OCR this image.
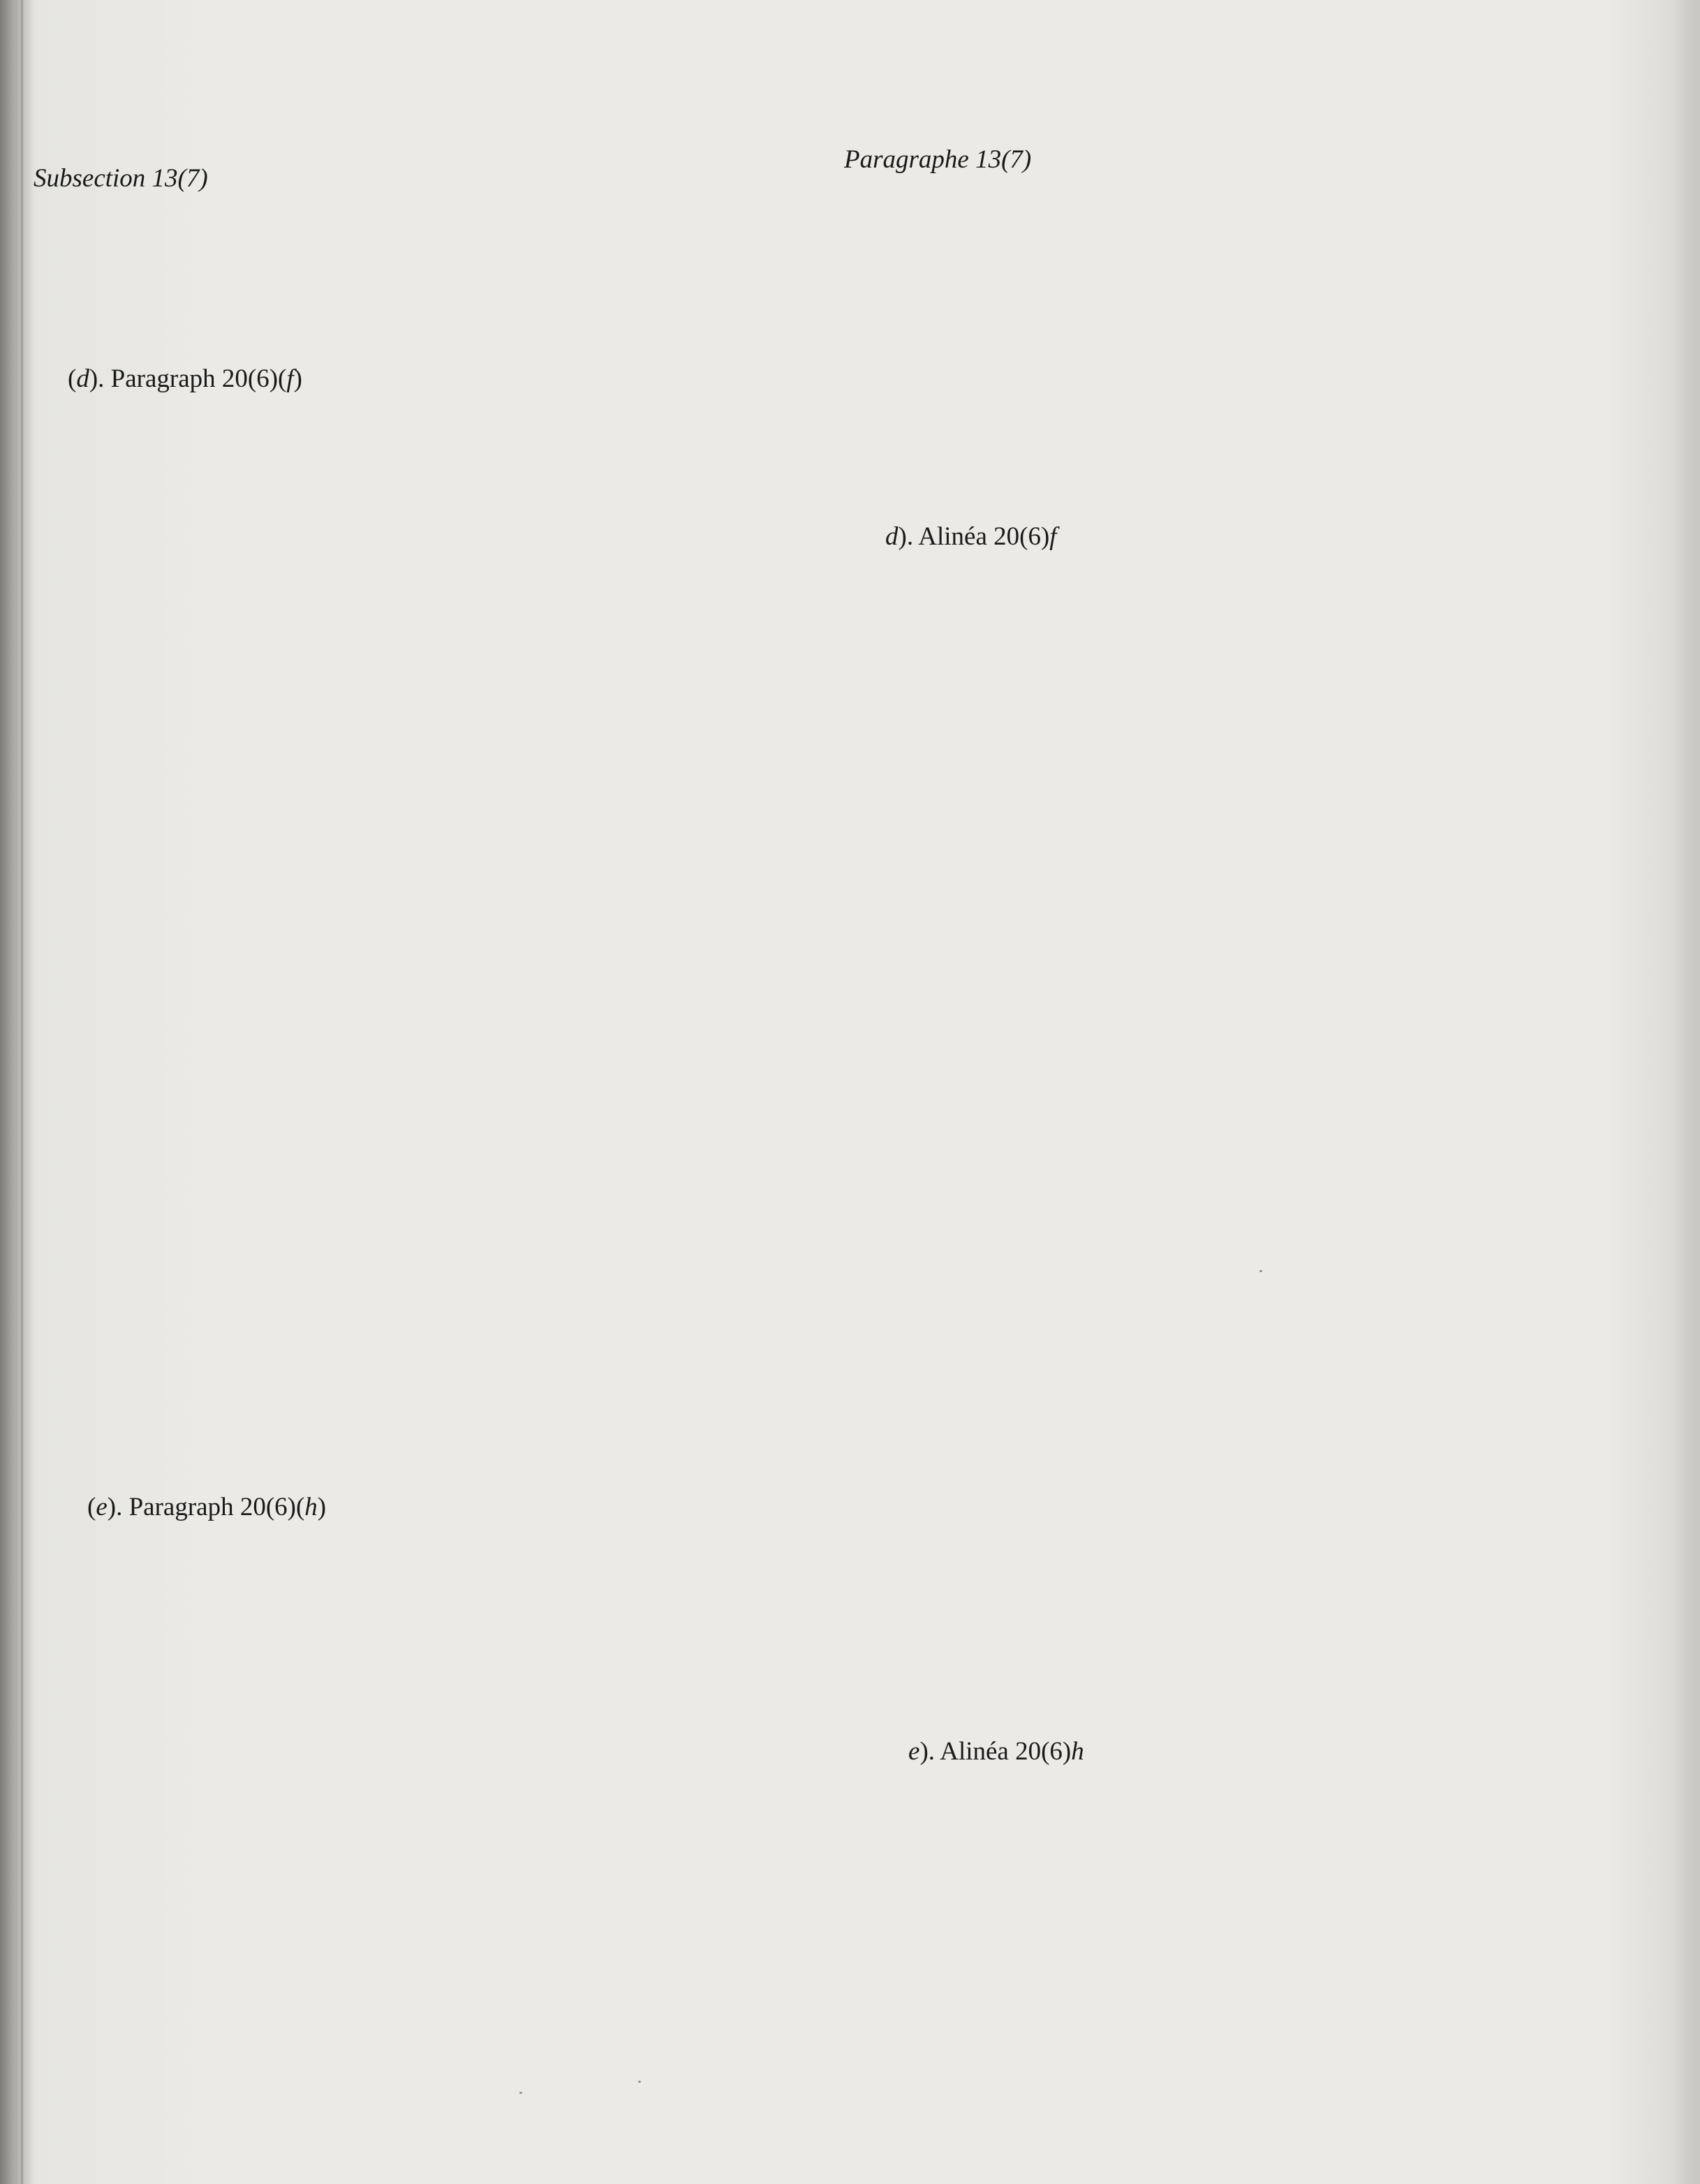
Subsection 13(7)
Paragraphe 13(7)
(d). Paragraph 20(6)(f)
d). Alinéa 20(6)f
(e). Paragraph 20(6)(h)
e). Alinéa 20(6)h
